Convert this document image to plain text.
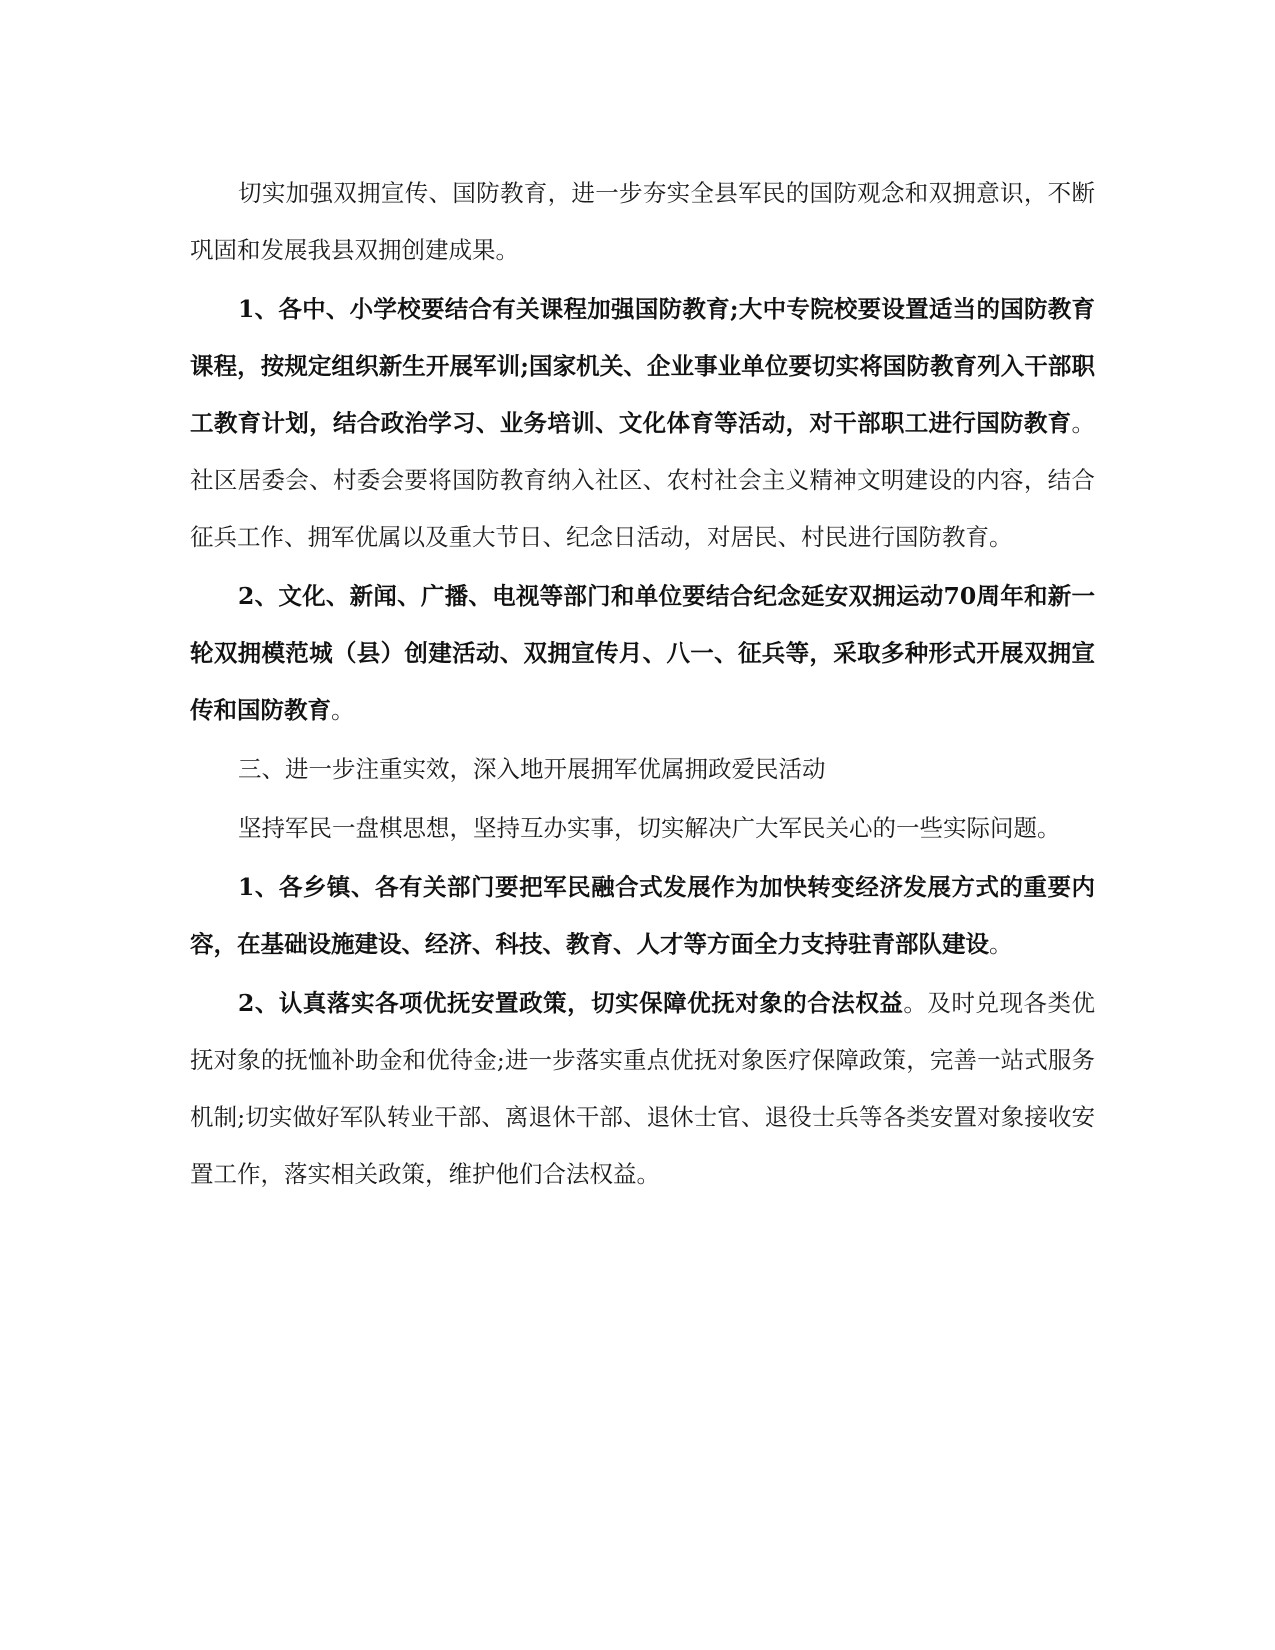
切实加强双拥宣传、国防教育，进一步夯实全县军民的国防观念和双拥意识，不断巩固和发展我县双拥创建成果。

1、各中、小学校要结合有关课程加强国防教育;大中专院校要设置适当的国防教育课程，按规定组织新生开展军训;国家机关、企业事业单位要切实将国防教育列入干部职工教育计划，结合政治学习、业务培训、文化体育等活动，对干部职工进行国防教育。社区居委会、村委会要将国防教育纳入社区、农村社会主义精神文明建设的内容，结合征兵工作、拥军优属以及重大节日、纪念日活动，对居民、村民进行国防教育。

2、文化、新闻、广播、电视等部门和单位要结合纪念延安双拥运动70周年和新一轮双拥模范城（县）创建活动、双拥宣传月、八一、征兵等，采取多种形式开展双拥宣传和国防教育。

三、进一步注重实效，深入地开展拥军优属拥政爱民活动

坚持军民一盘棋思想，坚持互办实事，切实解决广大军民关心的一些实际问题。

1、各乡镇、各有关部门要把军民融合式发展作为加快转变经济发展方式的重要内容，在基础设施建设、经济、科技、教育、人才等方面全力支持驻青部队建设。

2、认真落实各项优抚安置政策，切实保障优抚对象的合法权益。及时兑现各类优抚对象的抚恤补助金和优待金;进一步落实重点优抚对象医疗保障政策，完善一站式服务机制;切实做好军队转业干部、离退休干部、退休士官、退役士兵等各类安置对象接收安置工作，落实相关政策，维护他们合法权益。
